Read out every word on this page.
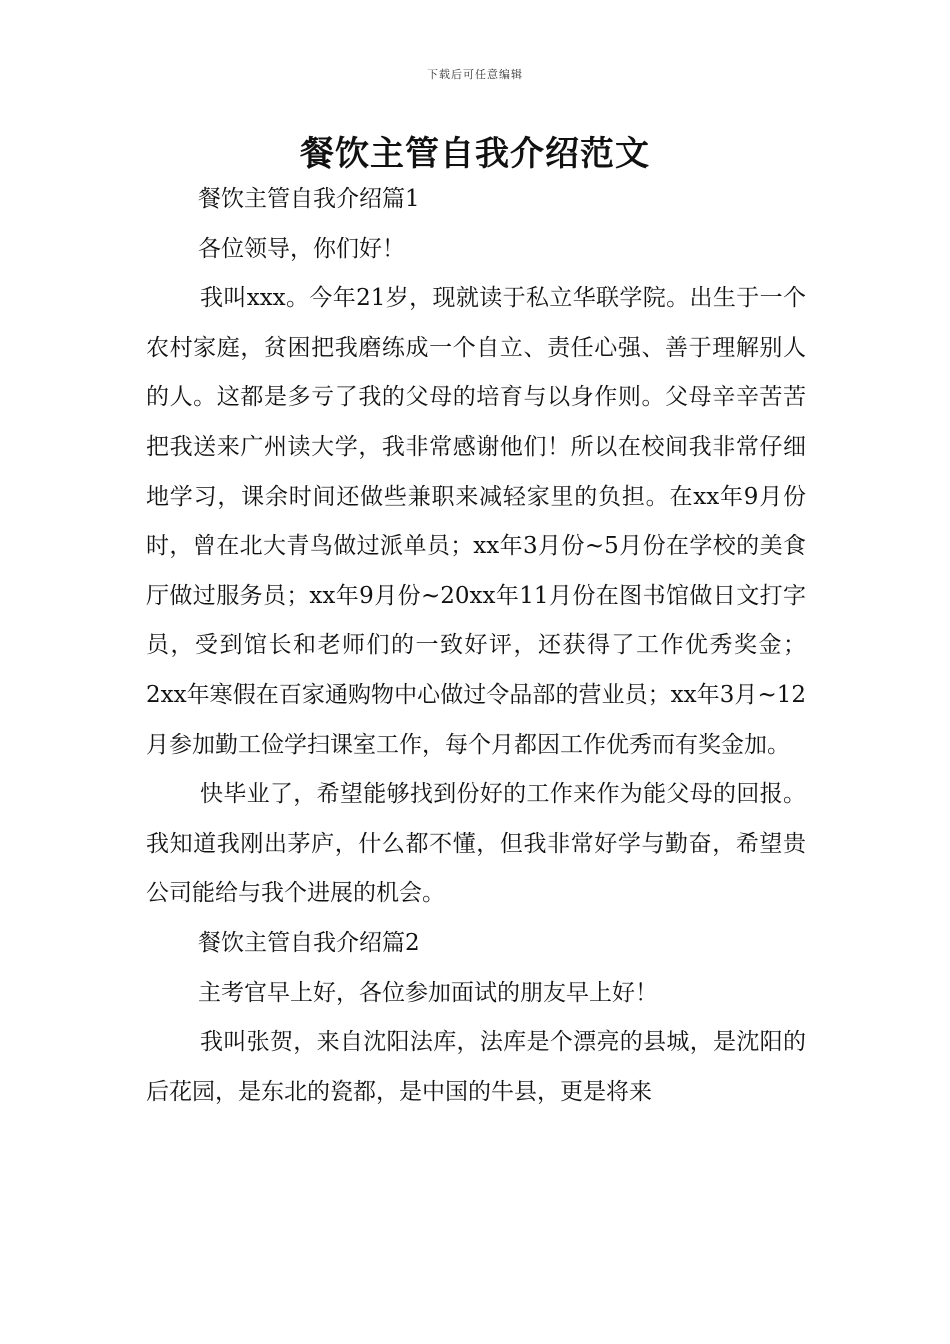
下载后可任意编辑
餐饮主管自我介绍范文

餐饮主管自我介绍篇1

各位领导，你们好！

我叫xxx。今年21岁，现就读于私立华联学院。出生于一个农村家庭，贫困把我磨练成一个自立、责任心强、善于理解别人的人。这都是多亏了我的父母的培育与以身作则。父母辛辛苦苦把我送来广州读大学，我非常感谢他们！所以在校间我非常仔细地学习，课余时间还做些兼职来减轻家里的负担。在xx年9月份时，曾在北大青鸟做过派单员；xx年3月份~5月份在学校的美食厅做过服务员；xx年9月份~20xx年11月份在图书馆做日文打字员，受到馆长和老师们的一致好评，还获得了工作优秀奖金；2xx年寒假在百家通购物中心做过令品部的营业员；xx年3月~12月参加勤工俭学扫课室工作，每个月都因工作优秀而有奖金加。

快毕业了，希望能够找到份好的工作来作为能父母的回报。我知道我刚出茅庐，什么都不懂，但我非常好学与勤奋，希望贵公司能给与我个进展的机会。

餐饮主管自我介绍篇2

主考官早上好，各位参加面试的朋友早上好！

我叫张贺，来自沈阳法库，法库是个漂亮的县城，是沈阳的后花园，是东北的瓷都，是中国的牛县，更是将来
